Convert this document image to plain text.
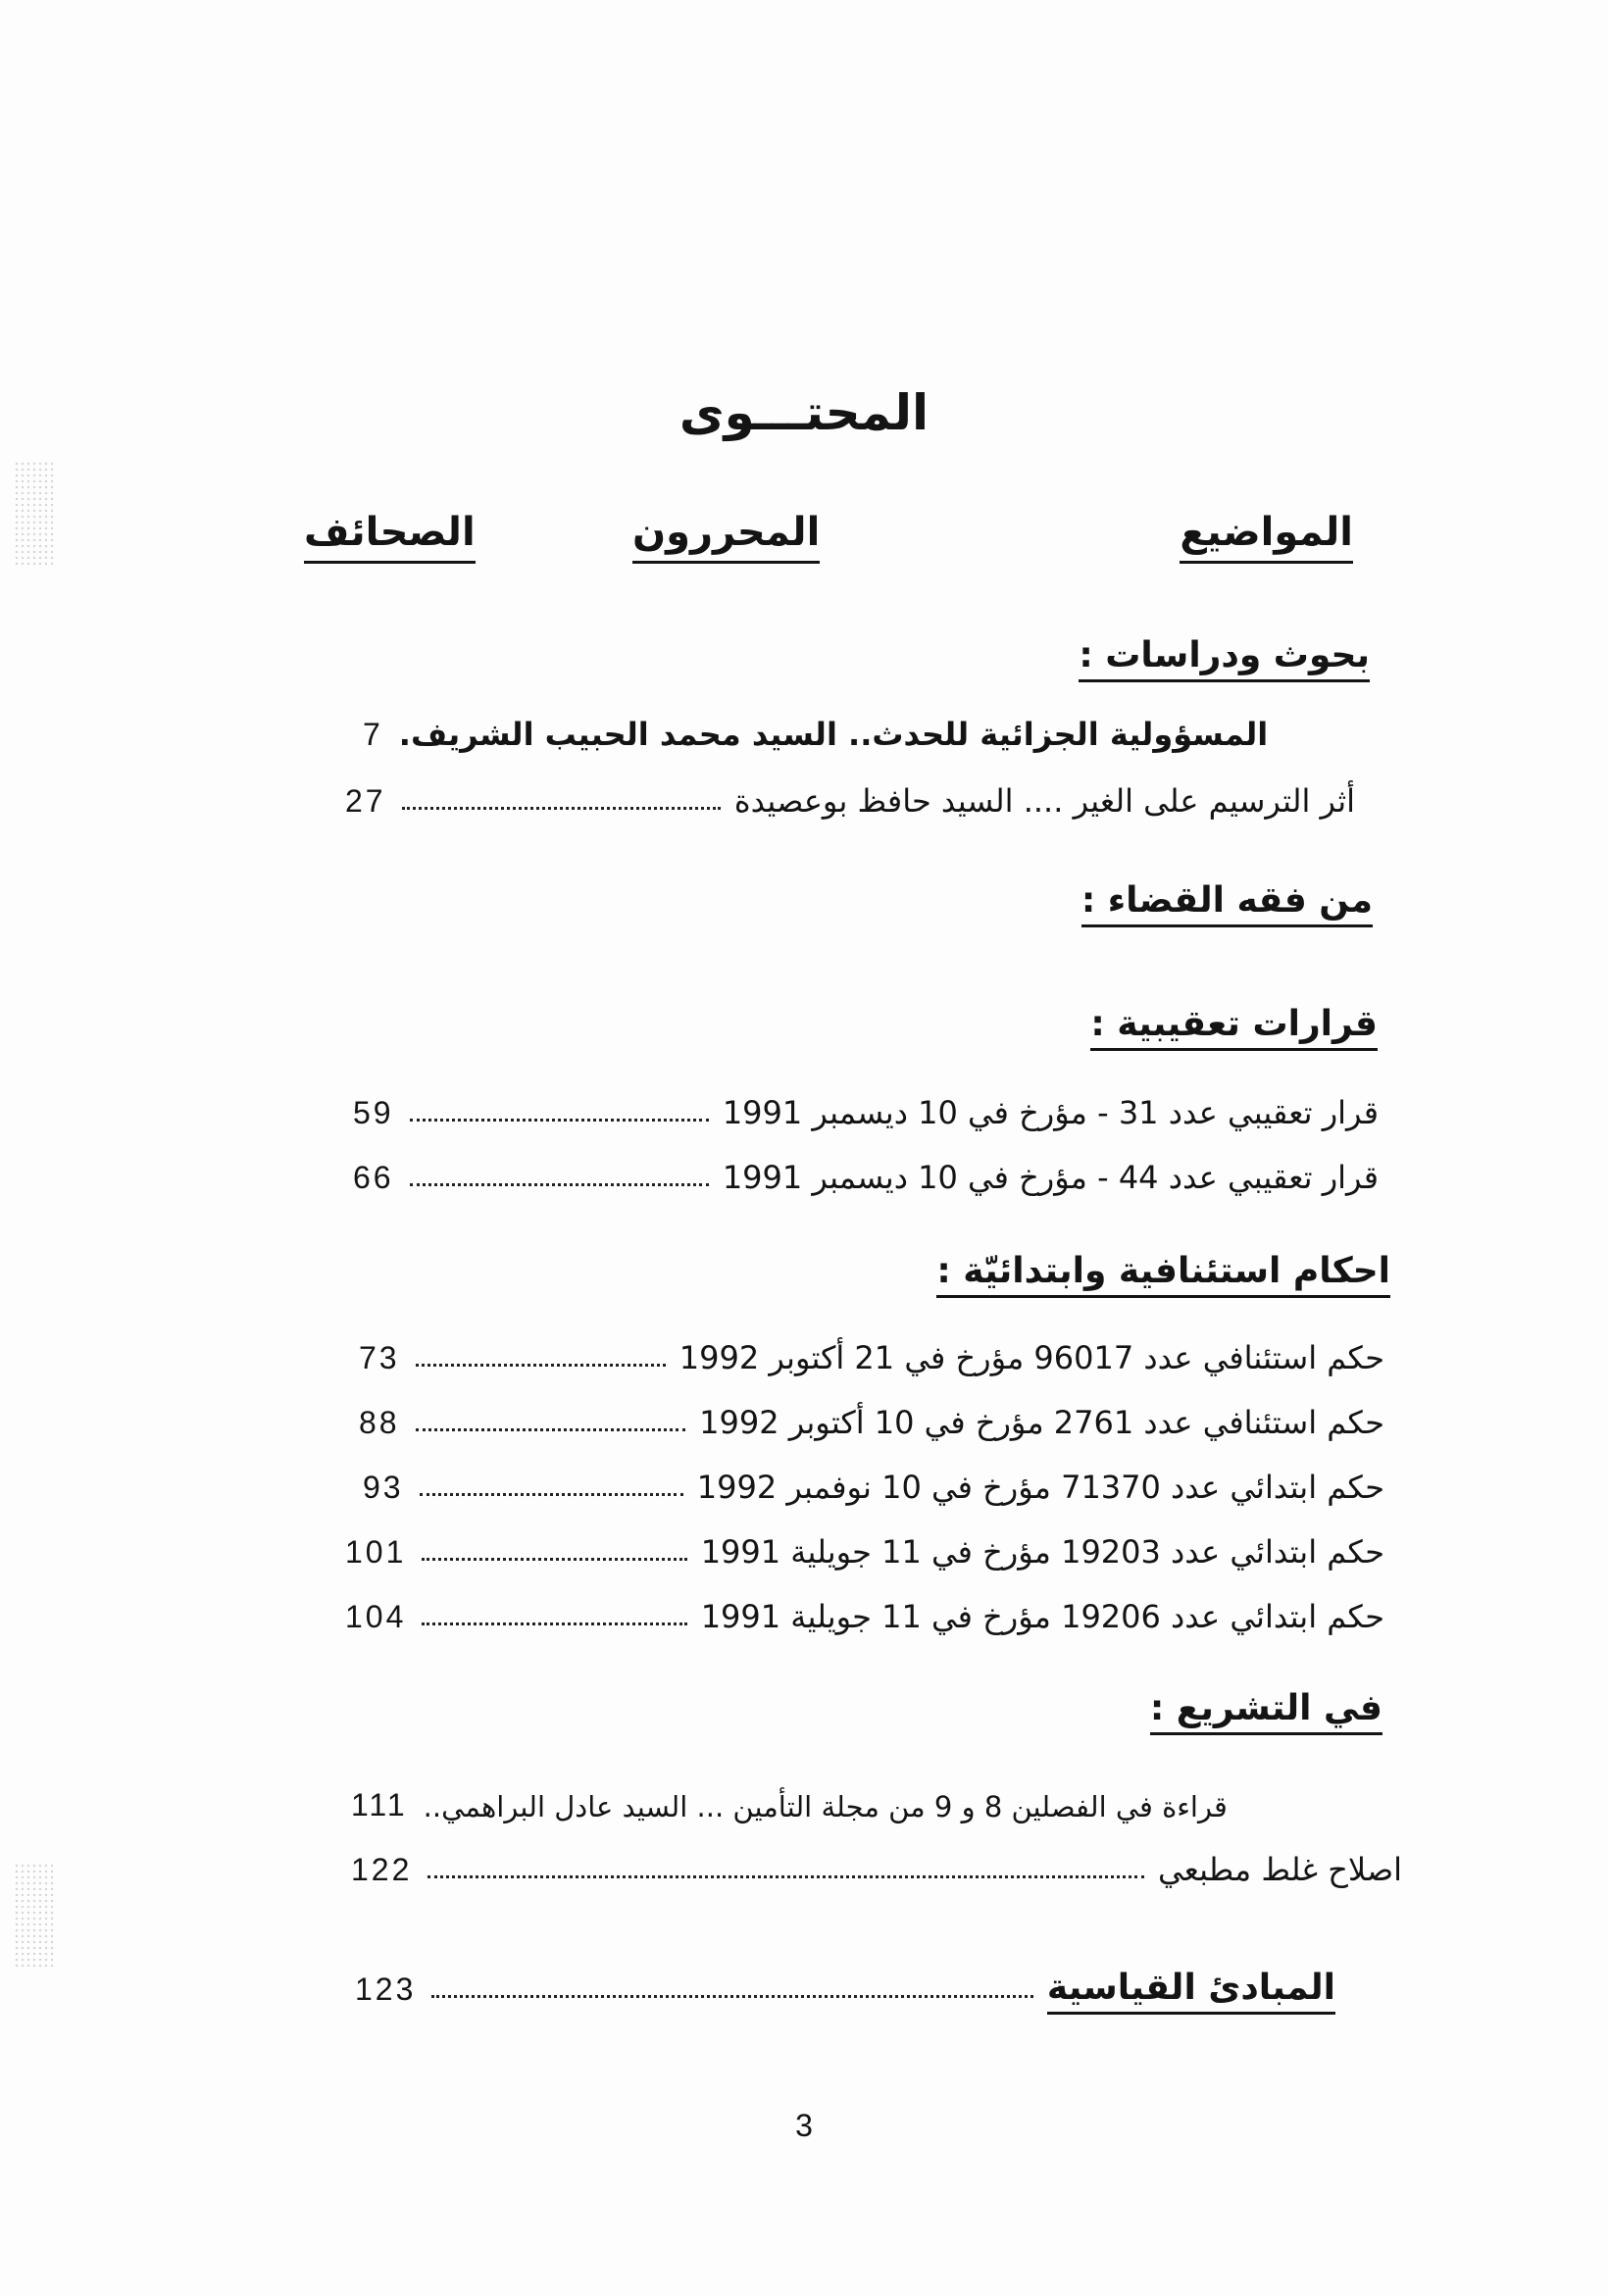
المحتـــوى
المواضيع
المحررون
الصحائف
بحوث ودراسات :
7 المسؤولية الجزائية للحدث.. السيد محمد الحبيب الشريف.
27	أثر الترسيم على الغير .... السيد حافظ بوعصيدة
من فقه القضاء :
قرارات تعقيبية :
59	قرار تعقيبي عدد 31 - مؤرخ في 10 ديسمبر 1991
66	قرار تعقيبي عدد 44 - مؤرخ في 10 ديسمبر 1991
احكام استئنافية وابتدائيّة :
73	حكم استئنافي عدد 96017 مؤرخ في 21 أكتوبر 1992
88	حكم استئنافي عدد 2761 مؤرخ في 10 أكتوبر 1992
93	حكم ابتدائي عدد 71370 مؤرخ في 10 نوفمبر 1992
101	حكم ابتدائي عدد 19203 مؤرخ في 11 جويلية 1991
104	حكم ابتدائي عدد 19206 مؤرخ في 11 جويلية 1991
في التشريع :
111 قراءة في الفصلين 8 و 9 من مجلة التأمين ... السيد عادل البراهمي..
122	اصلاح غلط مطبعي
123	المبادئ القياسية
3
